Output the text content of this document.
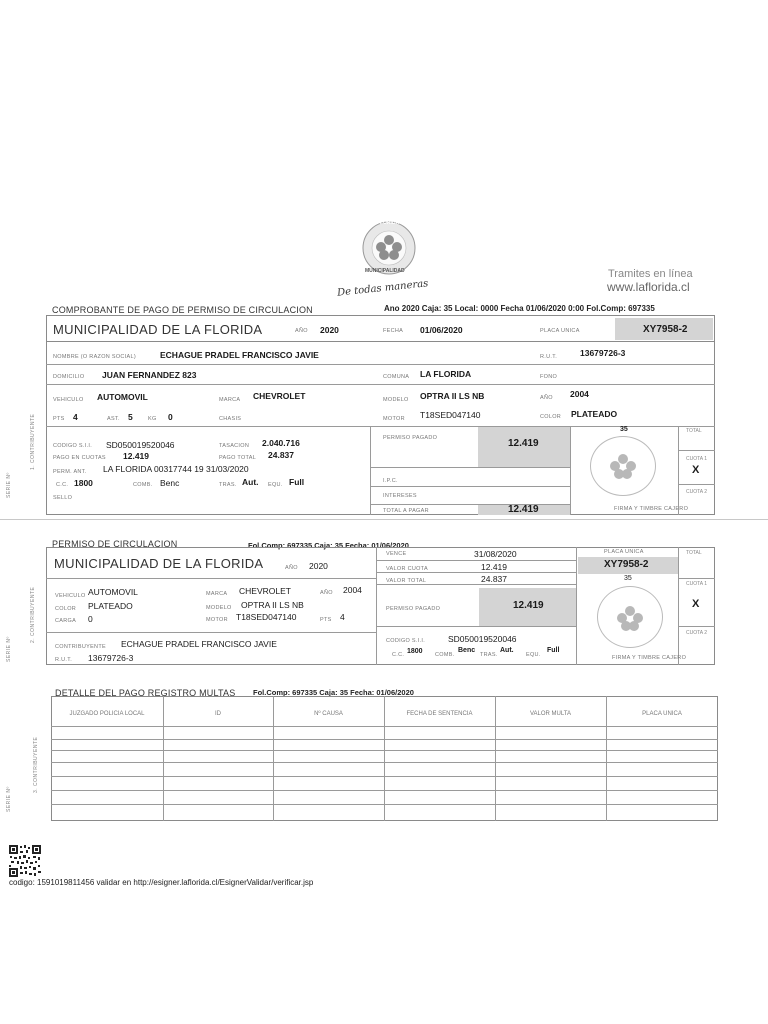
LA FLORIDA
MUNICIPALIDAD
De todas maneras
Tramites en línea
www.laflorida.cl
COMPROBANTE DE PAGO DE PERMISO DE CIRCULACION	Ano 2020 Caja: 35 Local: 0000 Fecha 01/06/2020 0:00 Fol.Comp: 697335
1. CONTRIBUYENTE
SERIE Nº
MUNICIPALIDAD DE LA FLORIDA	AÑO 2020	FECHA 01/06/2020	PLACA UNICA	XY7958-2
NOMBRE (O RAZON SOCIAL)	ECHAGUE PRADEL FRANCISCO JAVIE	R.U.T.	13679726-3
DOMICILIO JUAN FERNANDEZ 823	COMUNA LA FLORIDA	FONO
VEHICULO AUTOMOVIL	MARCA CHEVROLET	MODELO OPTRA II LS NB	AÑO 2004
PTS 4	AST. 5	KG 0	CHASIS	MOTOR T18SED047140	COLOR PLATEADO
CODIGO S.I.I. SD050019520046	TASACION 2.040.716
PAGO EN CUOTAS 12.419	PAGO TOTAL 24.837
PERM. ANT. LA FLORIDA 00317744 19 31/03/2020
C.C. 1800	COMB. Benc	TRAS. Aut. EQU. Full
SELLO
PERMISO PAGADO	12.419
I.P.C.
INTERESES
TOTAL A PAGAR	12.419
35
FIRMA Y TIMBRE CAJERO
TOTAL
CUOTA 1
X
CUOTA 2
PERMISO DE CIRCULACION	Fol.Comp: 697335 Caja: 35 Fecha: 01/06/2020
2. CONTRIBUYENTE
SERIE Nº
MUNICIPALIDAD DE LA FLORIDA	AÑO 2020
VENCE	31/08/2020
VALOR CUOTA	12.419
VALOR TOTAL	24.837
PLACA UNICA
XY7958-2
35
TOTAL
VEHICULO AUTOMOVIL	MARCA CHEVROLET	AÑO 2004
COLOR PLATEADO	MODELO OPTRA II LS NB
CARGA 0	MOTOR T18SED047140	PTS 4
PERMISO PAGADO	12.419
FIRMA Y TIMBRE CAJERO
CUOTA 1
X
CUOTA 2
CONTRIBUYENTE ECHAGUE PRADEL FRANCISCO JAVIE
R.U.T. 13679726-3
CODIGO S.I.I.	SD050019520046
C.C. 1800 COMB.
Benc
TRAS.
Aut.
EQU.
Full
DETALLE DEL PAGO REGISTRO MULTAS Fol.Comp: 697335 Caja: 35 Fecha: 01/06/2020
3. CONTRIBUYENTE
SERIE Nº
JUZGADO POLICIA LOCAL	ID	Nº CAUSA	FECHA DE SENTENCIA	VALOR MULTA	PLACA UNICA
codigo: 1591019811456 validar en http://esigner.laflorida.cl/EsignerValidar/verificar.jsp
